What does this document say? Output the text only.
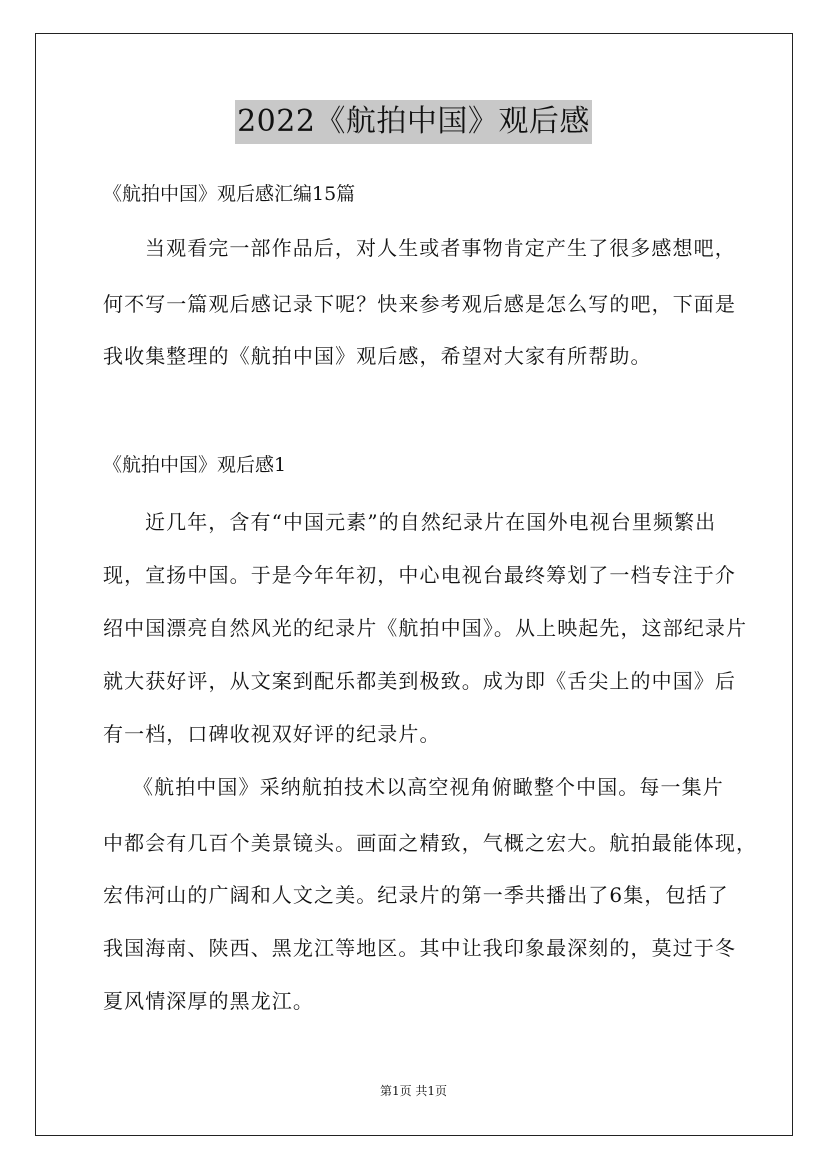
2022《航拍中国》观后感
《航拍中国》观后感汇编15篇
当观看完一部作品后，对人生或者事物肯定产生了很多感想吧，
何不写一篇观后感记录下呢？快来参考观后感是怎么写的吧，下面是
我收集整理的《航拍中国》观后感，希望对大家有所帮助。
《航拍中国》观后感1
近几年，含有“中国元素”的自然纪录片在国外电视台里频繁出
现，宣扬中国。于是今年年初，中心电视台最终筹划了一档专注于介
绍中国漂亮自然风光的纪录片《航拍中国》。从上映起先，这部纪录片
就大获好评，从文案到配乐都美到极致。成为即《舌尖上的中国》后
有一档，口碑收视双好评的纪录片。
《航拍中国》采纳航拍技术以高空视角俯瞰整个中国。每一集片
中都会有几百个美景镜头。画面之精致，气概之宏大。航拍最能体现，
宏伟河山的广阔和人文之美。纪录片的第一季共播出了6集，包括了
我国海南、陕西、黑龙江等地区。其中让我印象最深刻的，莫过于冬
夏风情深厚的黑龙江。
第1页 共1页
